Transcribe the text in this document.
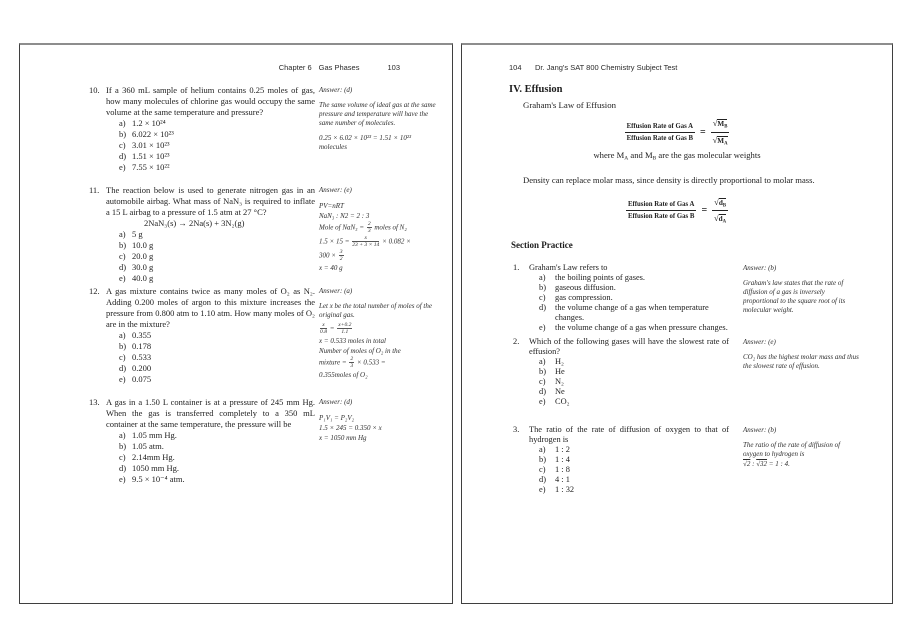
Chapter 6 Gas Phases	103
10. If a 360 mL sample of helium contains 0.25 moles of gas, how many molecules of chlorine gas would occupy the same volume at the same temperature and pressure?
a) 1.2 × 10²⁴
b) 6.022 × 10²³
c) 3.01 × 10²³
d) 1.51 × 10²³
e) 7.55 × 10²²
Answer: (d)
The same volume of ideal gas at the same pressure and temperature will have the same number of molecules.
0.25 × 6.02 × 10²³ = 1.51 × 10²³ molecules
11. The reaction below is used to generate nitrogen gas in an automobile airbag. What mass of NaN₃ is required to inflate a 15 L airbag to a pressure of 1.5 atm at 27 °C?
2NaN₃(s) → 2Na(s) + 3N₂(g)
a) 5 g
b) 10.0 g
c) 20.0 g
d) 30.0 g
e) 40.0 g
Answer: (e)
PV=nRT
NaN₃ : N2 = 2 : 3
Mole of $NaN_3 = \frac{2}{3}$ moles of N₂
$1.5 \times 15 = \frac{x}{23 + 3 \times 14} \times 0.082$ ×
$300 \times \frac{3}{2}$
x = 40 g
12. A gas mixture contains twice as many moles of O₂ as N₂. Adding 0.200 moles of argon to this mixture increases the pressure from 0.800 atm to 1.10 atm. How many moles of O₂ are in the mixture?
a) 0.355
b) 0.178
c) 0.533
d) 0.200
e) 0.075
Answer: (a)
Let x be the total number of moles of the original gas.
$\frac{x}{0.8} = \frac{x+0.2}{1.1}$
x = 0.533 moles in total
Number of moles of O₂ in the
mixture = $\frac{2}{3} \times 0.533$ =
0.355moles of O₂
13. A gas in a 1.50 L container is at a pressure of 245 mm Hg. When the gas is transferred completely to a 350 mL container at the same temperature, the pressure will be
a) 1.05 mm Hg.
b) 1.05 atm.
c) 2.14mm Hg.
d) 1050 mm Hg.
e) 9.5 × 10⁻⁴ atm.
Answer: (d)
P₁V₁ = P₂V₂
1.5 × 245 = 0.350 × x
x = 1050 mm Hg
104	Dr. Jang's SAT 800 Chemistry Subject Test
IV. Effusion
Graham's Law of Effusion
Effusion Rate of Gas A
Effusion Rate of Gas B
= $\frac{√M_B}{√M_A}$
where $M_A$ and $M_B$ are the gas molecular weights
Density can replace molar mass, since density is directly proportional to molar mass.
Effusion Rate of Gas A
Effusion Rate of Gas B
= $\frac{√d_B}{√d_A}$
Section Practice
1.	Graham's Law refers to
a)	the boiling points of gases.
b)	gaseous diffusion.
c)	gas compression.
d)	the volume change of a gas when temperature changes.
e)	the volume change of a gas when pressure changes.
Answer: (b)
Graham's law states that the rate of diffusion of a gas is inversely proportional to the square root of its molecular weight.
2.	Which of the following gases will have the slowest rate of effusion?
a)	H₂
b)	He
c)	N₂
d)	Ne
e)	CO₂
Answer: (e)
CO₂ has the highest molar mass and thus the slowest rate of effusion.
3.	The ratio of the rate of diffusion of oxygen to that of hydrogen is
a)	1 : 2
b)	1 : 4
c)	1 : 8
d)	4 : 1
e)	1 : 32
Answer: (b)
The ratio of the rate of diffusion of oxygen to hydrogen is
√2 : √32 = 1 : 4.
